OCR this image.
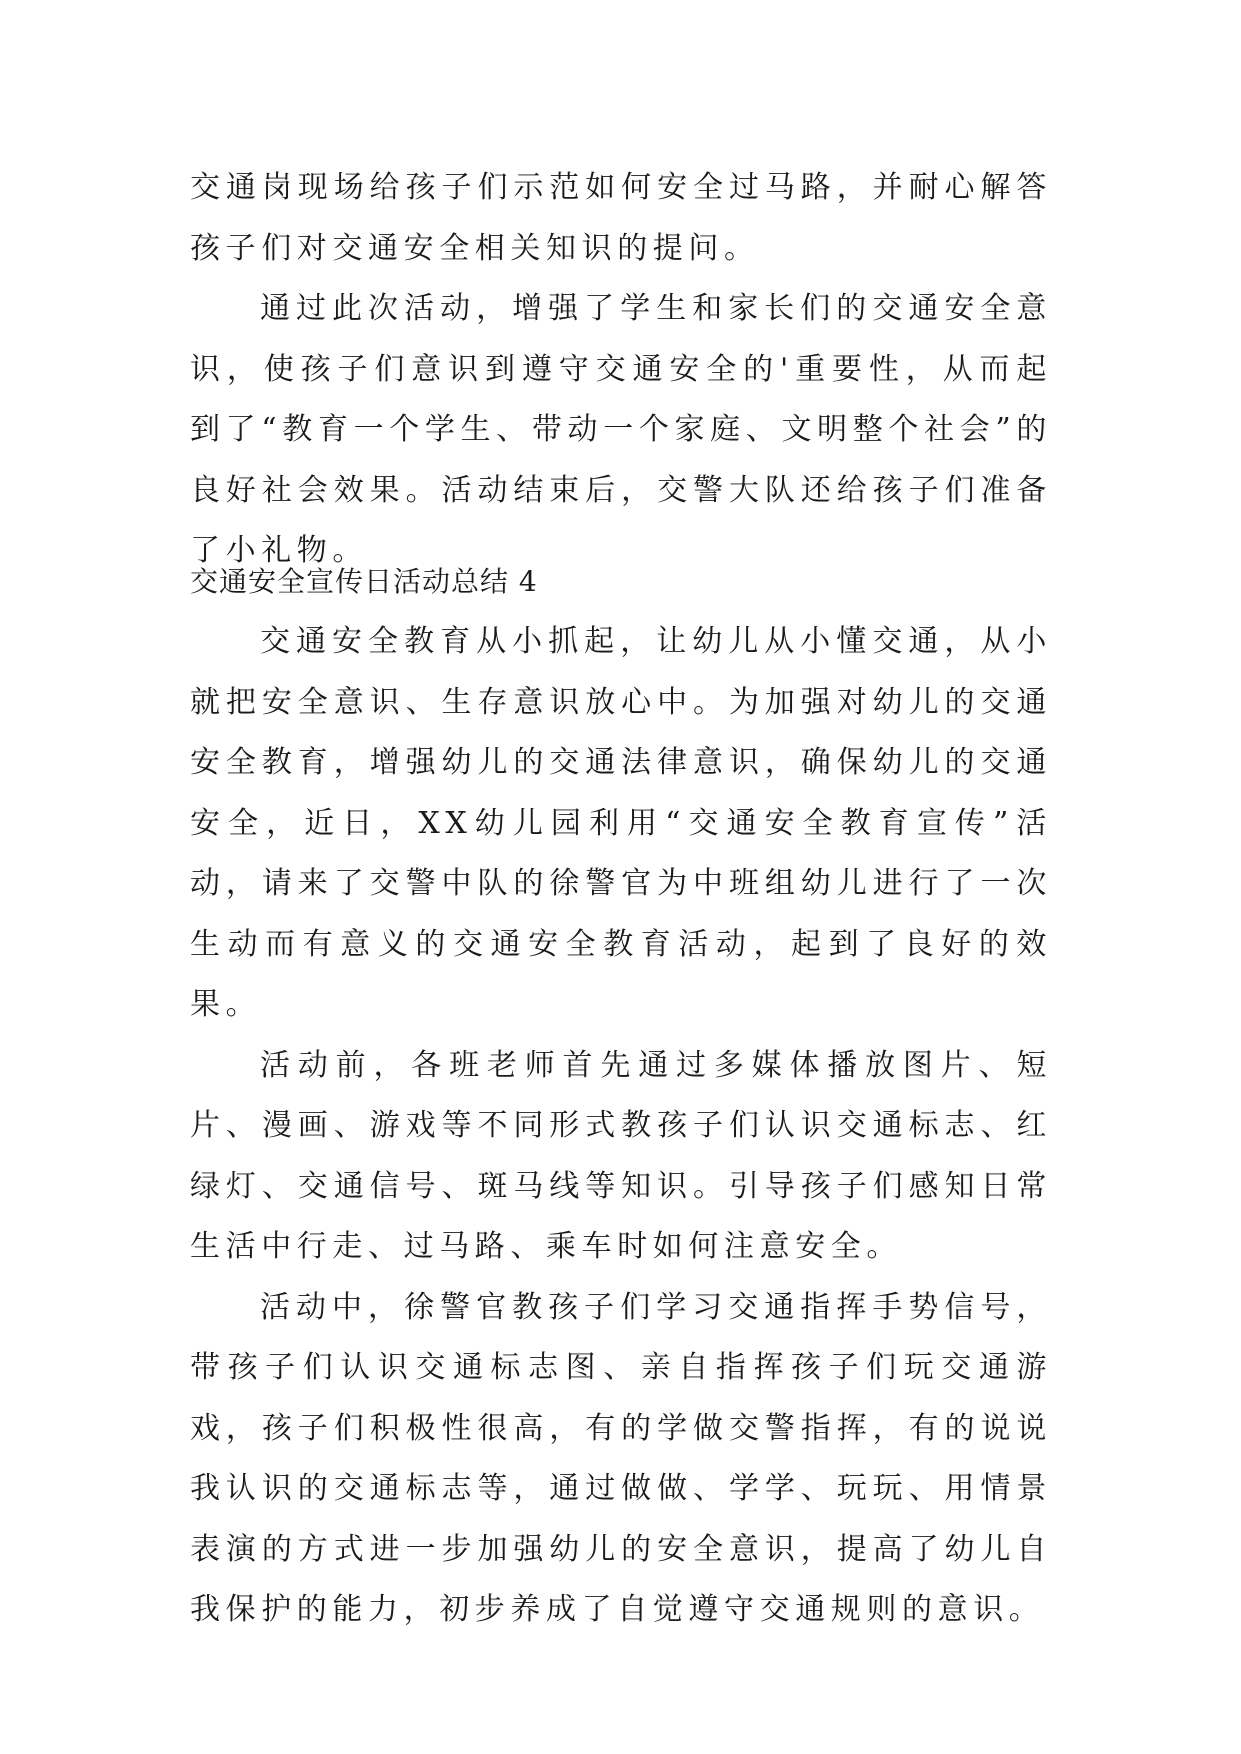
交通岗现场给孩子们示范如何安全过马路，并耐心解答孩子们对交通安全相关知识的提问。

通过此次活动，增强了学生和家长们的交通安全意识，使孩子们意识到遵守交通安全的'重要性，从而起到了“教育一个学生、带动一个家庭、文明整个社会”的良好社会效果。活动结束后，交警大队还给孩子们准备了小礼物。

交通安全宣传日活动总结 4

交通安全教育从小抓起，让幼儿从小懂交通，从小就把安全意识、生存意识放心中。为加强对幼儿的交通安全教育，增强幼儿的交通法律意识，确保幼儿的交通安全，近日，XX幼儿园利用“交通安全教育宣传”活动，请来了交警中队的徐警官为中班组幼儿进行了一次生动而有意义的交通安全教育活动，起到了良好的效果。

活动前，各班老师首先通过多媒体播放图片、短片、漫画、游戏等不同形式教孩子们认识交通标志、红绿灯、交通信号、斑马线等知识。引导孩子们感知日常生活中行走、过马路、乘车时如何注意安全。

活动中，徐警官教孩子们学习交通指挥手势信号，带孩子们认识交通标志图、亲自指挥孩子们玩交通游戏，孩子们积极性很高，有的学做交警指挥，有的说说我认识的交通标志等，通过做做、学学、玩玩、用情景表演的方式进一步加强幼儿的安全意识，提高了幼儿自我保护的能力，初步养成了自觉遵守交通规则的意识。
